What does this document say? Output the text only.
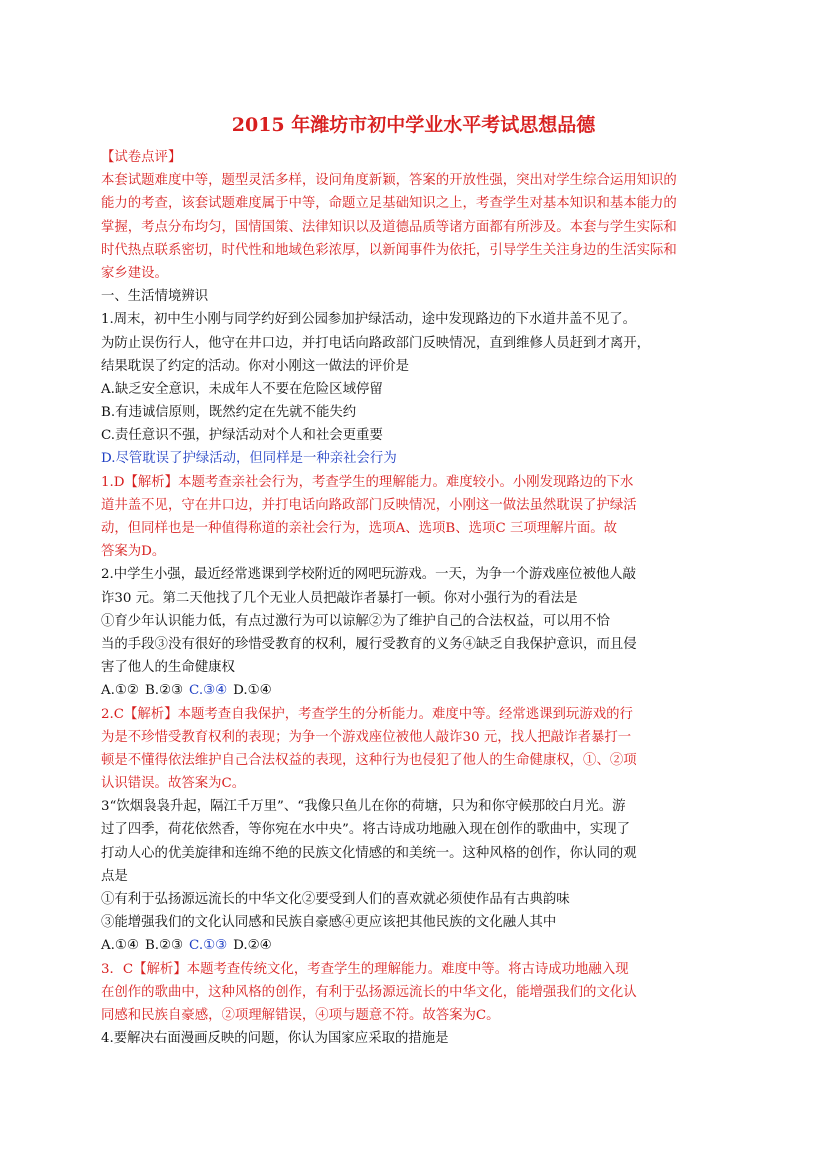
2015 年潍坊市初中学业水平考试思想品德
【试卷点评】
本套试题难度中等，题型灵活多样，设问角度新颖，答案的开放性强，突出对学生综合运用知识的
能力的考查，该套试题难度属于中等，命题立足基础知识之上，考查学生对基本知识和基本能力的
掌握，考点分布均匀，国情国策、法律知识以及道德品质等诸方面都有所涉及。本套与学生实际和
时代热点联系密切，时代性和地域色彩浓厚，以新闻事件为依托，引导学生关注身边的生活实际和
家乡建设。
一、生活情境辨识
1.周末，初中生小刚与同学约好到公园参加护绿活动，途中发现路边的下水道井盖不见了。
为防止误伤行人，他守在井口边，并打电话向路政部门反映情况，直到维修人员赶到才离开，
结果耽误了约定的活动。你对小刚这一做法的评价是
A.缺乏安全意识，未成年人不要在危险区域停留
B.有违诚信原则，既然约定在先就不能失约
C.责任意识不强，护绿活动对个人和社会更重要
D.尽管耽误了护绿活动，但同样是一种亲社会行为
1.D【解析】本题考查亲社会行为，考查学生的理解能力。难度较小。小刚发现路边的下水
道井盖不见，守在井口边，并打电话向路政部门反映情况，小刚这一做法虽然耽误了护绿活
动，但同样也是一种值得称道的亲社会行为，选项A、选项B、选项C 三项理解片面。故
答案为D。
2.中学生小强，最近经常逃课到学校附近的网吧玩游戏。一天，为争一个游戏座位被他人敲
诈30 元。第二天他找了几个无业人员把敲诈者暴打一顿。你对小强行为的看法是
①育少年认识能力低，有点过激行为可以谅解②为了维护自己的合法权益，可以用不恰
当的手段③没有很好的珍惜受教育的权利，履行受教育的义务④缺乏自我保护意识，而且侵
害了他人的生命健康权
A.①② B.②③ C.③④ D.①④
2.C【解析】本题考查自我保护，考查学生的分析能力。难度中等。经常逃课到玩游戏的行
为是不珍惜受教育权利的表现；为争一个游戏座位被他人敲诈30 元，找人把敲诈者暴打一
顿是不懂得依法维护自己合法权益的表现，这种行为也侵犯了他人的生命健康权，①、②项
认识错误。故答案为C。
3“饮烟袅袅升起，隔江千万里”、“我像只鱼儿在你的荷塘，只为和你守候那皎白月光。游
过了四季，荷花依然香，等你宛在水中央”。将古诗成功地融入现在创作的歌曲中，实现了
打动人心的优美旋律和连绵不绝的民族文化情感的和美统一。这种风格的创作，你认同的观
点是
①有利于弘扬源远流长的中华文化②要受到人们的喜欢就必须使作品有古典韵味
③能增强我们的文化认同感和民族自豪感④更应该把其他民族的文化融人其中
A.①④ B.②③ C.①③ D.②④
3．C【解析】本题考查传统文化，考查学生的理解能力。难度中等。将古诗成功地融入现
在创作的歌曲中，这种风格的创作，有利于弘扬源远流长的中华文化，能增强我们的文化认
同感和民族自豪感，②项理解错误，④项与题意不符。故答案为C。
4.要解决右面漫画反映的问题，你认为国家应采取的措施是
